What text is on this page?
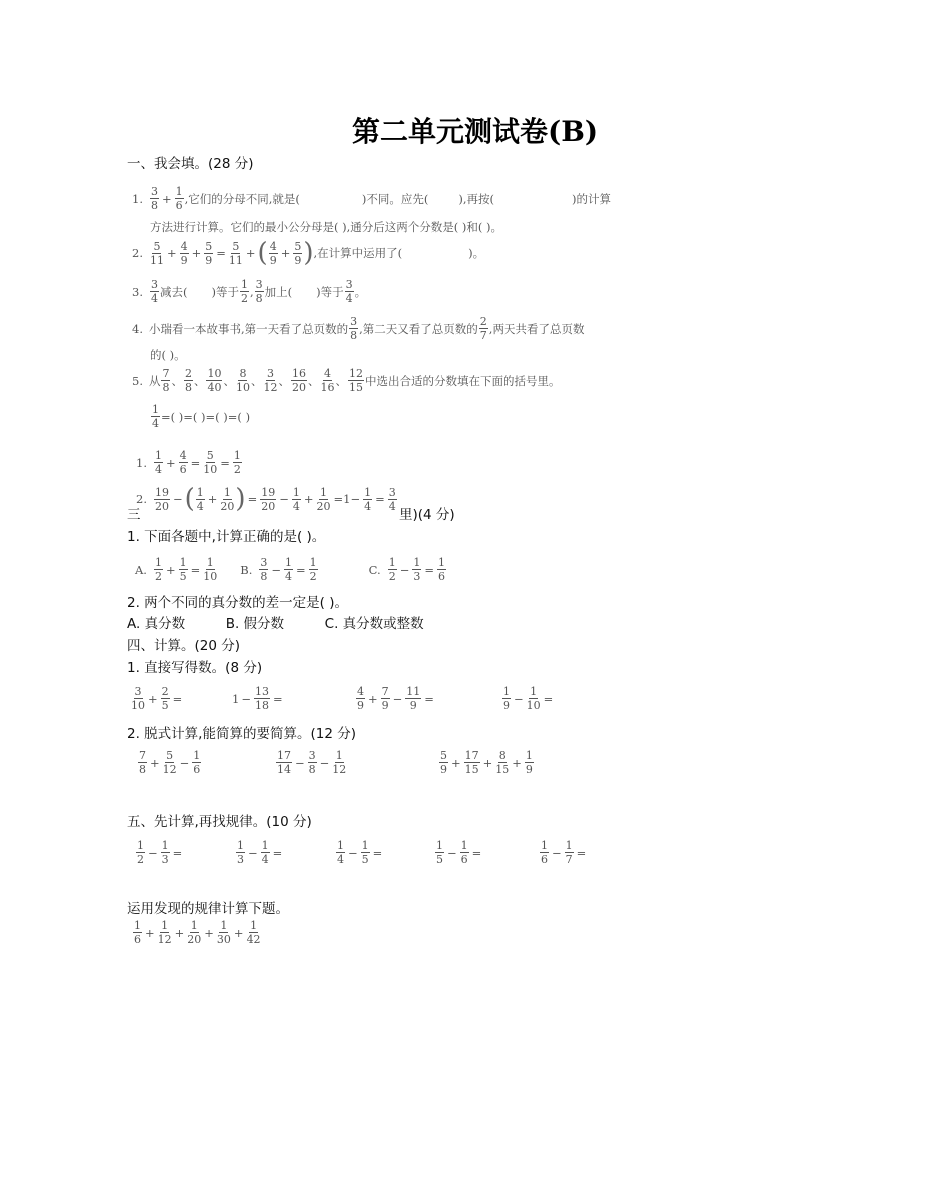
第二单元测试卷(B)
一、我会填。(28 分)
1. 3
$8 + \frac{1}{6}$ ,它们的分母不同,就是(	)不同。应先(	),再按(	)的计算
方法进行计算。它们的最小公分母是( ),通分后这两个分数是( )和( )。
2. 5
$11 + \frac{4}{9} + \frac{5}{9} = \frac{5}{11}$ + ( 4
$9 + \frac{5}{9}$ ) ,在计算中运用了(	)。
3. 3
4 减去( )等于 1
2 , 3
8 加上( )等于 3
4 。
4. 小瑞看一本故事书,第一天看了总页数的 3
8 ,第二天又看了总页数的 2
7 ,两天共看了总页数
的( )。
5. 从 7
8 、 2
8 、 10
40 、 8
10 、 3
12 、 16
20 、 4
16 、 12
15 中选出合适的分数填在下面的括号里。
$\frac{1}{4}$ =( )=( )=( )=( )
1. 1
$4 + \frac{4}{6} = \frac{5}{10} = \frac{1}{2}$
三
2. 19
20 − ( 1
$4 + \frac{1}{20}$ ) = $\frac{19}{20} - \frac{1}{4} + \frac{1}{20} =1- \frac{1}{4} = \frac{3}{4}$
里)(4 分)
1. 下面各题中,计算正确的是( )。
A. 1
$2 + \frac{1}{5} = \frac{1}{10} B$. 3
$8 - \frac{1}{4} = \frac{1}{2}$	C. 1
$2 - \frac{1}{3} = \frac{1}{6}$
2. 两个不同的真分数的差一定是( )。
A. 真分数	B. 假分数	C. 真分数或整数
四、计算。(20 分)
1. 直接写得数。(8 分)
3
$10 + \frac{2}{5}$ =	$1 - \frac{13}{18}$ =	4
$9 + \frac{7}{9} - \frac{11}{9}$ =	1
$9 - \frac{1}{10}$ =
2. 脱式计算,能简算的要简算。(12 分)
7
$8 + \frac{5}{12} - \frac{1}{6}$	17
$14 - \frac{3}{8} - \frac{1}{12}$	5
$9 + \frac{17}{15} + \frac{8}{15} + \frac{1}{9}$
五、先计算,再找规律。(10 分)
1
$2 - \frac{1}{3}$ =	1
$3 - \frac{1}{4}$ =	1
$4 - \frac{1}{5}$ =	1
$5 - \frac{1}{6}$ =	1
$6 - \frac{1}{7}$ =
运用发现的规律计算下题。
1
$6 + \frac{1}{12} + \frac{1}{20} + \frac{1}{30} + \frac{1}{42}$
